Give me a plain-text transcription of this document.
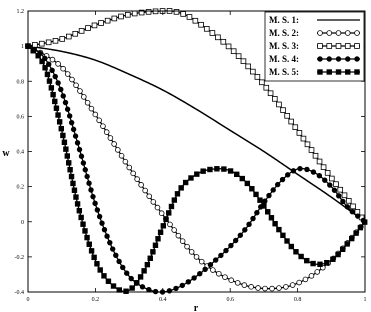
0	0.2	0.4	0.6	0.8	1
1.2
1
0.8
0.6
0.4
0.2
0
-0.2
-0.4
r
w
M. S. 1:
M. S. 2:
M. S. 3:
M. S. 4:
M. S. 5:
